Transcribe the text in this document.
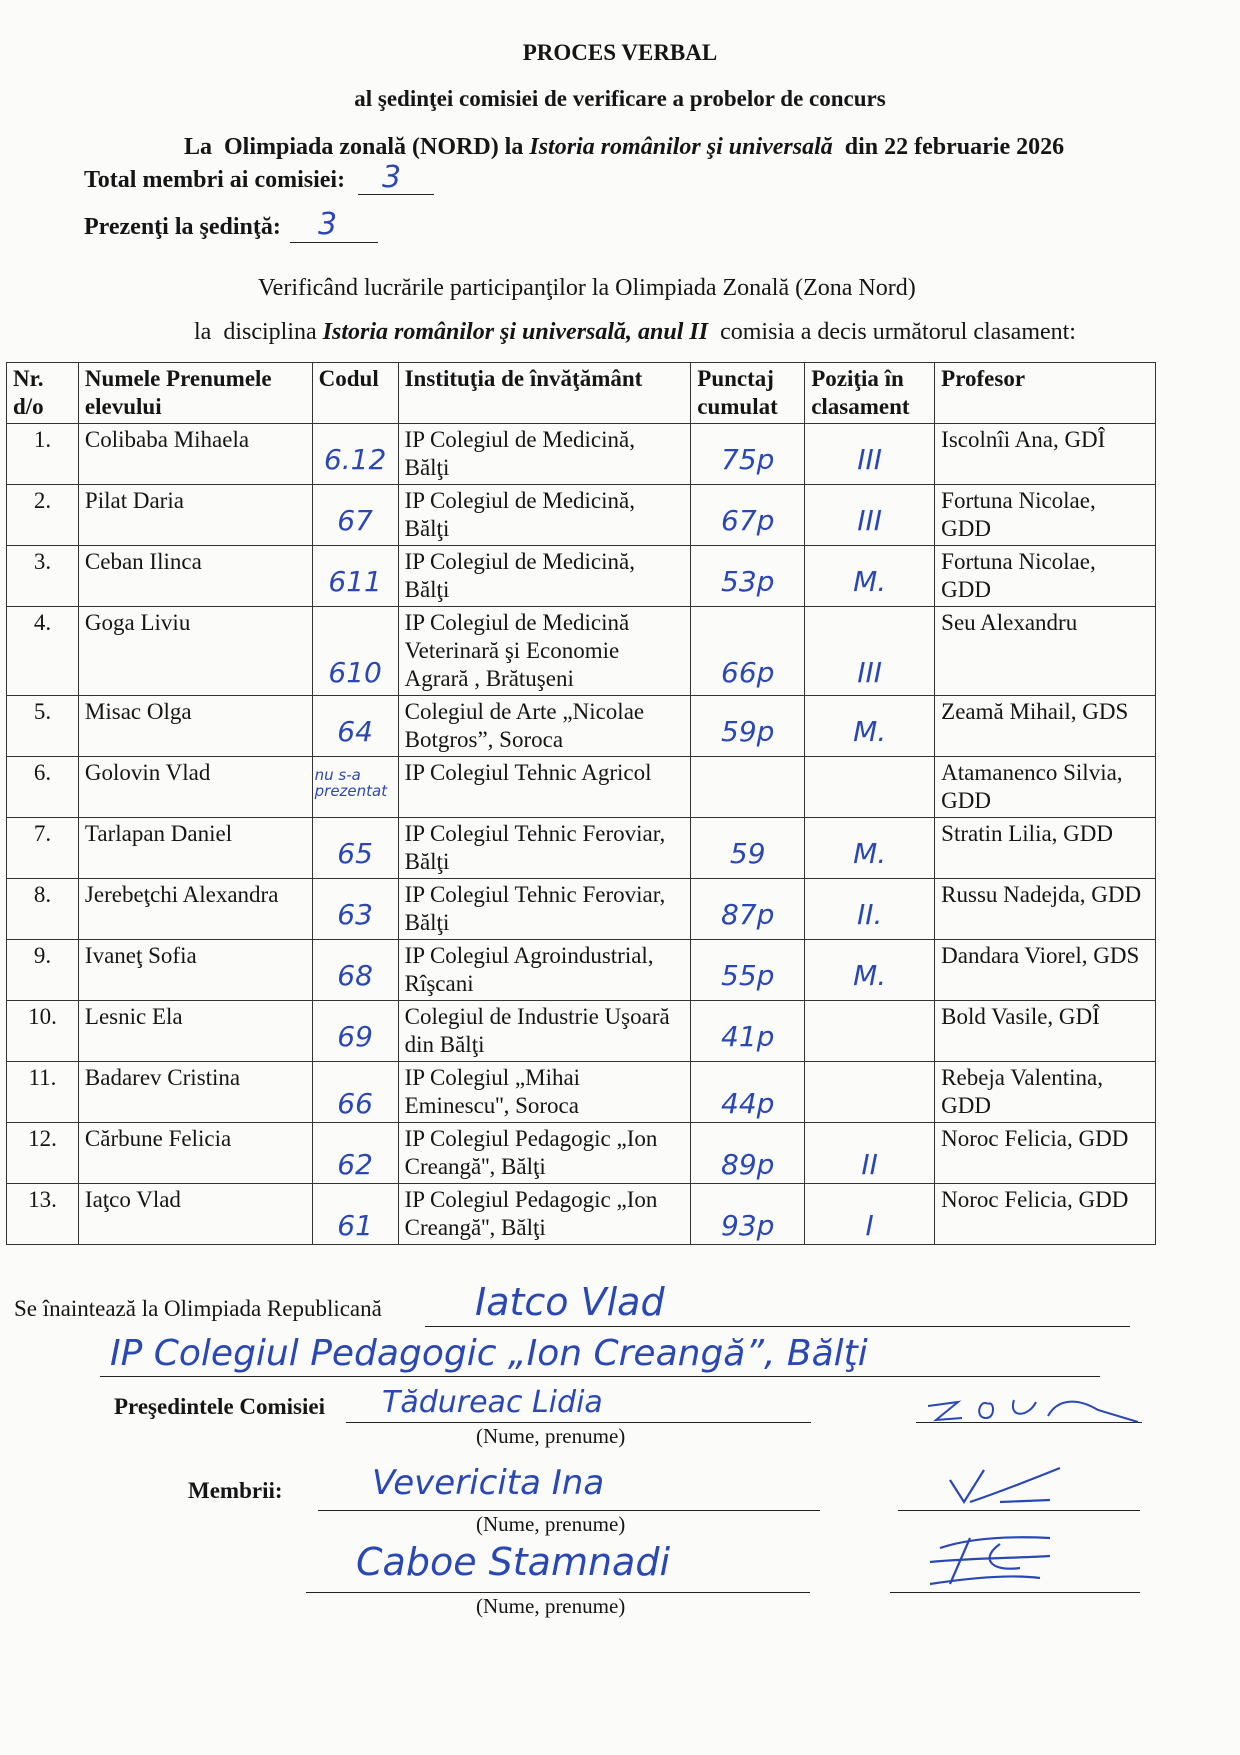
PROCES VERBAL
al şedinţei comisiei de verificare a probelor de concurs
La  Olimpiada zonală (NORD) la Istoria românilor şi universală  din 22 februarie 2026
Total membri ai comisiei: 3
Prezenţi la şedinţă: 3
Verificând lucrările participanţilor la Olimpiada Zonală (Zona Nord)
la  disciplina Istoria românilor şi universală, anul II  comisia a decis următorul clasament:
Nr. d/o	Numele Prenumele elevului	Codul	Instituţia de învăţământ	Punctaj cumulat	Poziţia în clasament	Profesor
1.	Colibaba Mihaela	6.12	IP Colegiul de Medicină, Bălţi	75p	III	Iscolnîi Ana, GDÎ
2.	Pilat Daria	67	IP Colegiul de Medicină, Bălţi	67p	III	Fortuna Nicolae, GDD
3.	Ceban Ilinca	611	IP Colegiul de Medicină, Bălţi	53p	M.	Fortuna Nicolae, GDD
4.	Goga Liviu	610	IP Colegiul de Medicină Veterinară şi Economie Agrară , Brătuşeni	66p	III	Seu Alexandru
5.	Misac Olga	64	Colegiul de Arte „Nicolae Botgros”, Soroca	59p	M.	Zeamă Mihail, GDS
6.	Golovin Vlad	nu s-a prezentat	IP Colegiul Tehnic Agricol			Atamanenco Silvia, GDD
7.	Tarlapan Daniel	65	IP Colegiul Tehnic Feroviar, Bălţi	59	M.	Stratin Lilia, GDD
8.	Jerebeţchi Alexandra	63	IP Colegiul Tehnic Feroviar, Bălţi	87p	II.	Russu Nadejda, GDD
9.	Ivaneţ Sofia	68	IP Colegiul Agroindustrial, Rîşcani	55p	M.	Dandara Viorel, GDS
10.	Lesnic Ela	69	Colegiul de Industrie Uşoară din Bălţi	41p		Bold Vasile, GDÎ
11.	Badarev Cristina	66	IP Colegiul „Mihai Eminescu'', Soroca	44p		Rebeja Valentina, GDD
12.	Cărbune Felicia	62	IP Colegiul Pedagogic „Ion Creangă'', Bălţi	89p	II	Noroc Felicia, GDD
13.	Iaţco Vlad	61	IP Colegiul Pedagogic „Ion Creangă'', Bălţi	93p	I	Noroc Felicia, GDD
Se înaintează la Olimpiada Republicană Iatco Vlad
IP Colegiul Pedagogic „Ion Creangă”, Bălţi
Preşedintele Comisiei Tădureac Lidia
(Nume, prenume)
Membrii:	Vevericita Ina
(Nume, prenume)
Caboe Stamnadi
(Nume, prenume)
